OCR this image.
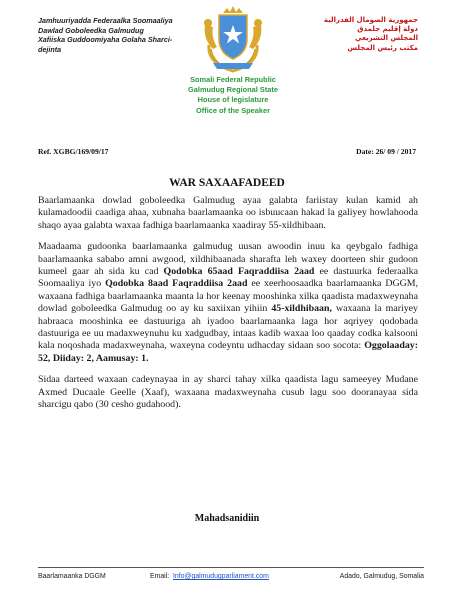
Jamhuuriyadda Federaalka Soomaaliya
Dawlad Goboleedka Galmudug
Xafiiska Guddoomiyaha Golaha Sharci-
dejinta
جمهورية الصومال الفدرالية
دولة إقليم جلمدق
المجلس التشريعي
مكتب رئيس المجلس
Somali Federal Republic
Galmudug Regional State
House of legislature
Office of the Speaker
Ref. XGBG/169/09/17	Date: 26/ 09 / 2017
WAR SAXAAFADEED

Baarlamaanka dowlad goboleedka Galmudug ayaa galabta fariistay kulan kamid ah kulamadoodii caadiga ahaa, xubnaha baarlamaanka oo isbuucaan hakad la galiyey howlahooda shaqo ayaa galabta waxaa fadhiga baarlamaanka xaadiray 55-xildhibaan.

Maadaama gudoonka baarlamaanka galmudug uusan awoodin inuu ka qeybgalo fadhiga baarlamaanka sababo amni awgood, xildhibaanada sharafta leh waxey doorteen shir gudoon kumeel gaar ah sida ku cad Qodobka 65aad Faqraddiisa 2aad ee dastuurka federaalka Soomaaliya iyo Qodobka 8aad Faqraddiisa 2aad ee xeerhoosaadka baarlamaanka DGGM, waxaana fadhiga baarlamaanka maanta la hor keenay mooshinka xilka qaadista madaxweynaha dowlad goboleedka Galmudug oo ay ku saxiixan yihiin 45-xildhibaan, waxaana la mariyey habraaca mooshinka ee dastuuriga ah iyadoo baarlamaanka laga hor aqriyey qodobada dastuuriga ee uu madaxweynuhu ku xadgudbay, intaas kadib waxaa loo qaaday codka kalsooni kala noqoshada madaxweynaha, waxeyna codeyntu udhacday sidaan soo socota: Oggolaaday: 52, Diiday: 2, Aamusay: 1.

Sidaa darteed waxaan cadeynayaa in ay sharci tahay xilka qaadista lagu sameeyey Mudane Axmed Ducaale Geelle (Xaaf), waxaana madaxweynaha cusub lagu soo dooranayaa sida sharcigu qabo (30 cesho gudahood).

Mahadsanidiin
Baarlamaanka DGGM	Email: Info@galmudugparliament.com	Adado, Galmudug, Somalia
